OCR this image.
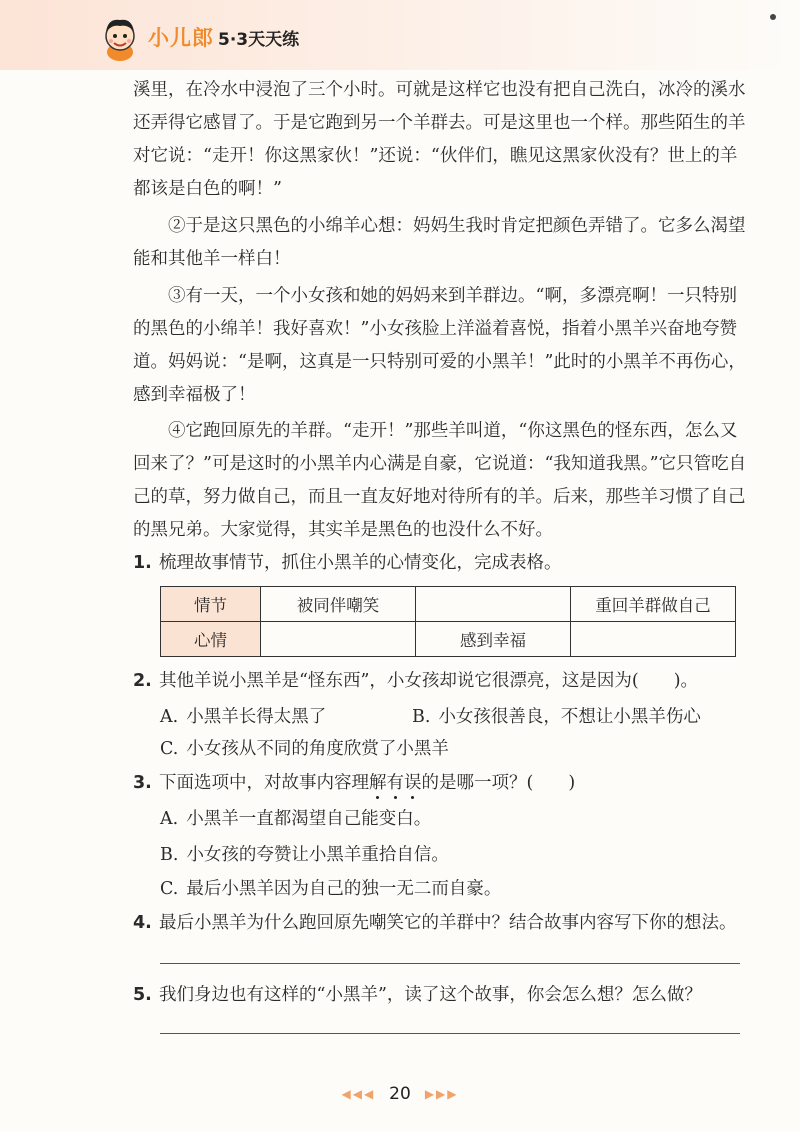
小儿郎 5·3天天练

溪里，在冷水中浸泡了三个小时。可就是这样它也没有把自己洗白，冰冷的溪水还弄得它感冒了。于是它跑到另一个羊群去。可是这里也一个样。那些陌生的羊对它说：“走开！你这黑家伙！”还说：“伙伴们，瞧见这黑家伙没有？世上的羊都该是白色的啊！”

②于是这只黑色的小绵羊心想：妈妈生我时肯定把颜色弄错了。它多么渴望能和其他羊一样白！

③有一天，一个小女孩和她的妈妈来到羊群边。“啊，多漂亮啊！一只特别的黑色的小绵羊！我好喜欢！”小女孩脸上洋溢着喜悦，指着小黑羊兴奋地夸赞道。妈妈说：“是啊，这真是一只特别可爱的小黑羊！”此时的小黑羊不再伤心，感到幸福极了！

④它跑回原先的羊群。“走开！”那些羊叫道，“你这黑色的怪东西，怎么又回来了？”可是这时的小黑羊内心满是自豪，它说道：“我知道我黑。”它只管吃自己的草，努力做自己，而且一直友好地对待所有的羊。后来，那些羊习惯了自己的黑兄弟。大家觉得，其实羊是黑色的也没什么不好。

1. 梳理故事情节，抓住小黑羊的心情变化，完成表格。
情节	被同伴嘲笑		重回羊群做自己
心情		感到幸福	
2. 其他羊说小黑羊是“怪东西”，小女孩却说它很漂亮，这是因为(　　)。
A. 小黑羊长得太黑了	B. 小女孩很善良，不想让小黑羊伤心
C. 小女孩从不同的角度欣赏了小黑羊
3. 下面选项中，对故事内容理解有误的是哪一项？(　　)
A. 小黑羊一直都渴望自己能变白。
B. 小女孩的夸赞让小黑羊重拾自信。
C. 最后小黑羊因为自己的独一无二而自豪。
4. 最后小黑羊为什么跑回原先嘲笑它的羊群中？结合故事内容写下你的想法。
5. 我们身边也有这样的“小黑羊”，读了这个故事，你会怎么想？怎么做？
◀◀◀ 20 ▶▶▶
